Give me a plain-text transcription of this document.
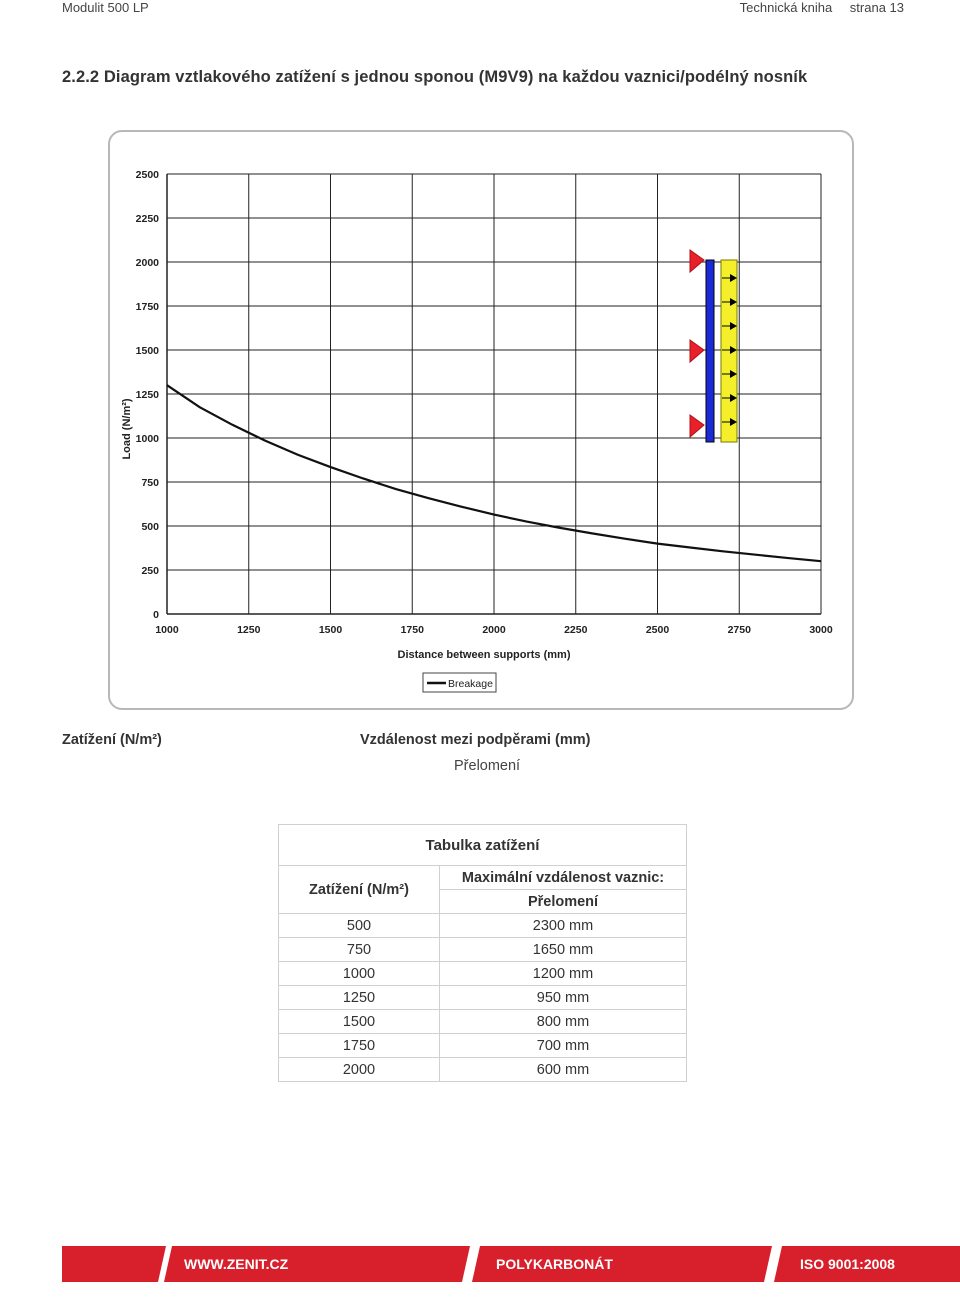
Modulit 500 LP	Technická kniha strana 13
2.2.2 Diagram vztlakového zatížení s jednou sponou (M9V9) na každou vaznici/podélný nosník
1000	1250	1500	1750	2000	2250	2500	2750	3000
0
250
500
750
1000
1250
1500
1750
2000
2250
2500
Distance between supports (mm)
Load (N/m²)
Breakage
Zatížení (N/m²)	Vzdálenost mezi podpěrami (mm)
Přelomení
Tabulka zatížení	
Zatížení (N/m²)	Maximální vzdálenost vaznic:
	Přelomení
500	2300 mm
750	1650 mm
1000	1200 mm
1250	950 mm
1500	800 mm
1750	700 mm
2000	600 mm
WWW.ZENIT.CZ	POLYKARBONÁT	ISO 9001:2008
